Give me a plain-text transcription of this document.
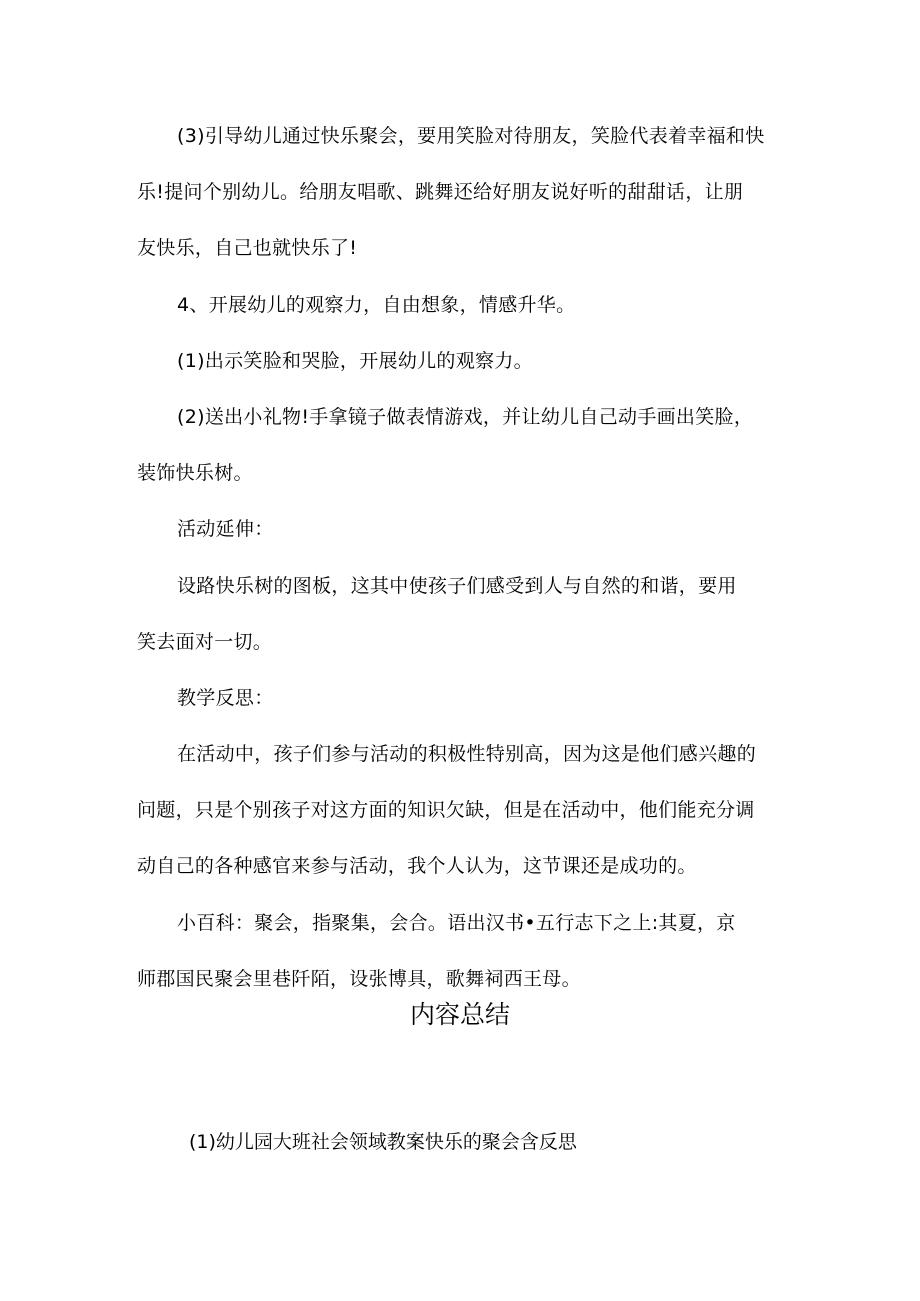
(3)引导幼儿通过快乐聚会，要用笑脸对待朋友，笑脸代表着幸福和快
乐!提问个别幼儿。给朋友唱歌、跳舞还给好朋友说好听的甜甜话，让朋
友快乐，自己也就快乐了!
4、开展幼儿的观察力，自由想象，情感升华。
(1)出示笑脸和哭脸，开展幼儿的观察力。
(2)送出小礼物!手拿镜子做表情游戏，并让幼儿自己动手画出笑脸，
装饰快乐树。
活动延伸：
设路快乐树的图板，这其中使孩子们感受到人与自然的和谐，要用
笑去面对一切。
教学反思：
在活动中，孩子们参与活动的积极性特别高，因为这是他们感兴趣的
问题，只是个别孩子对这方面的知识欠缺，但是在活动中，他们能充分调
动自己的各种感官来参与活动，我个人认为，这节课还是成功的。
小百科：聚会，指聚集，会合。语出汉书•五行志下之上:其夏，京
师郡国民聚会里巷阡陌，设张博具，歌舞祠西王母。
内容总结
(1)幼儿园大班社会领域教案快乐的聚会含反思
